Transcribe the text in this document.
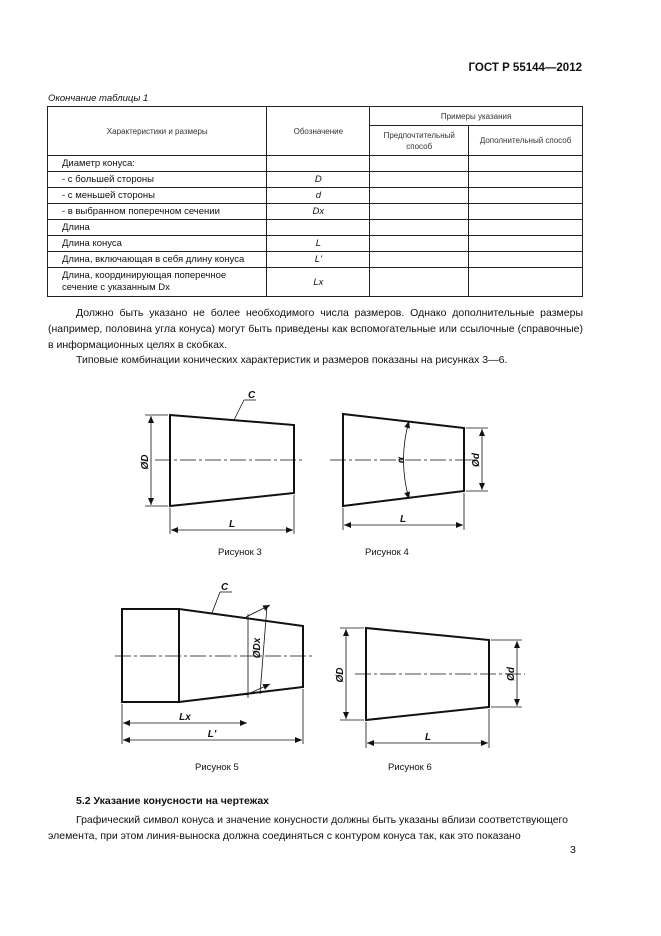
ГОСТ Р 55144—2012
Окончание таблицы 1
Характеристики и размеры	Обозначение	Примеры указания	
		Предпочтительный способ	Дополнительный способ
Диаметр конуса:			
- с большей стороны	D		
- с меньшей стороны	d		
- в выбранном поперечном сечении	Dx		
Длина			
Длина конуса	L		
Длина, включающая в себя длину конуса	L'		
Длина, координирующая поперечное сечение с указанным Dx	Lx		
Должно быть указано не более необходимого числа размеров. Однако дополнительные размеры (например, половина угла конуса) могут быть приведены как вспомогательные или ссылочные (справочные) в информационных целях в скобках.
Типовые комбинации конических характеристик и размеров показаны на рисунках 3—6.
C
ØD
L
α	Ød
L
C
ØDx
Lx
L'
ØD	Ød
L
Рисунок 3	Рисунок 4
Рисунок 5	Рисунок 6
5.2 Указание конусности на чертежах
Графический символ конуса и значение конусности должны быть указаны вблизи соответствующего элемента, при этом линия-выноска должна соединяться с контуром конуса так, как это показано
3
